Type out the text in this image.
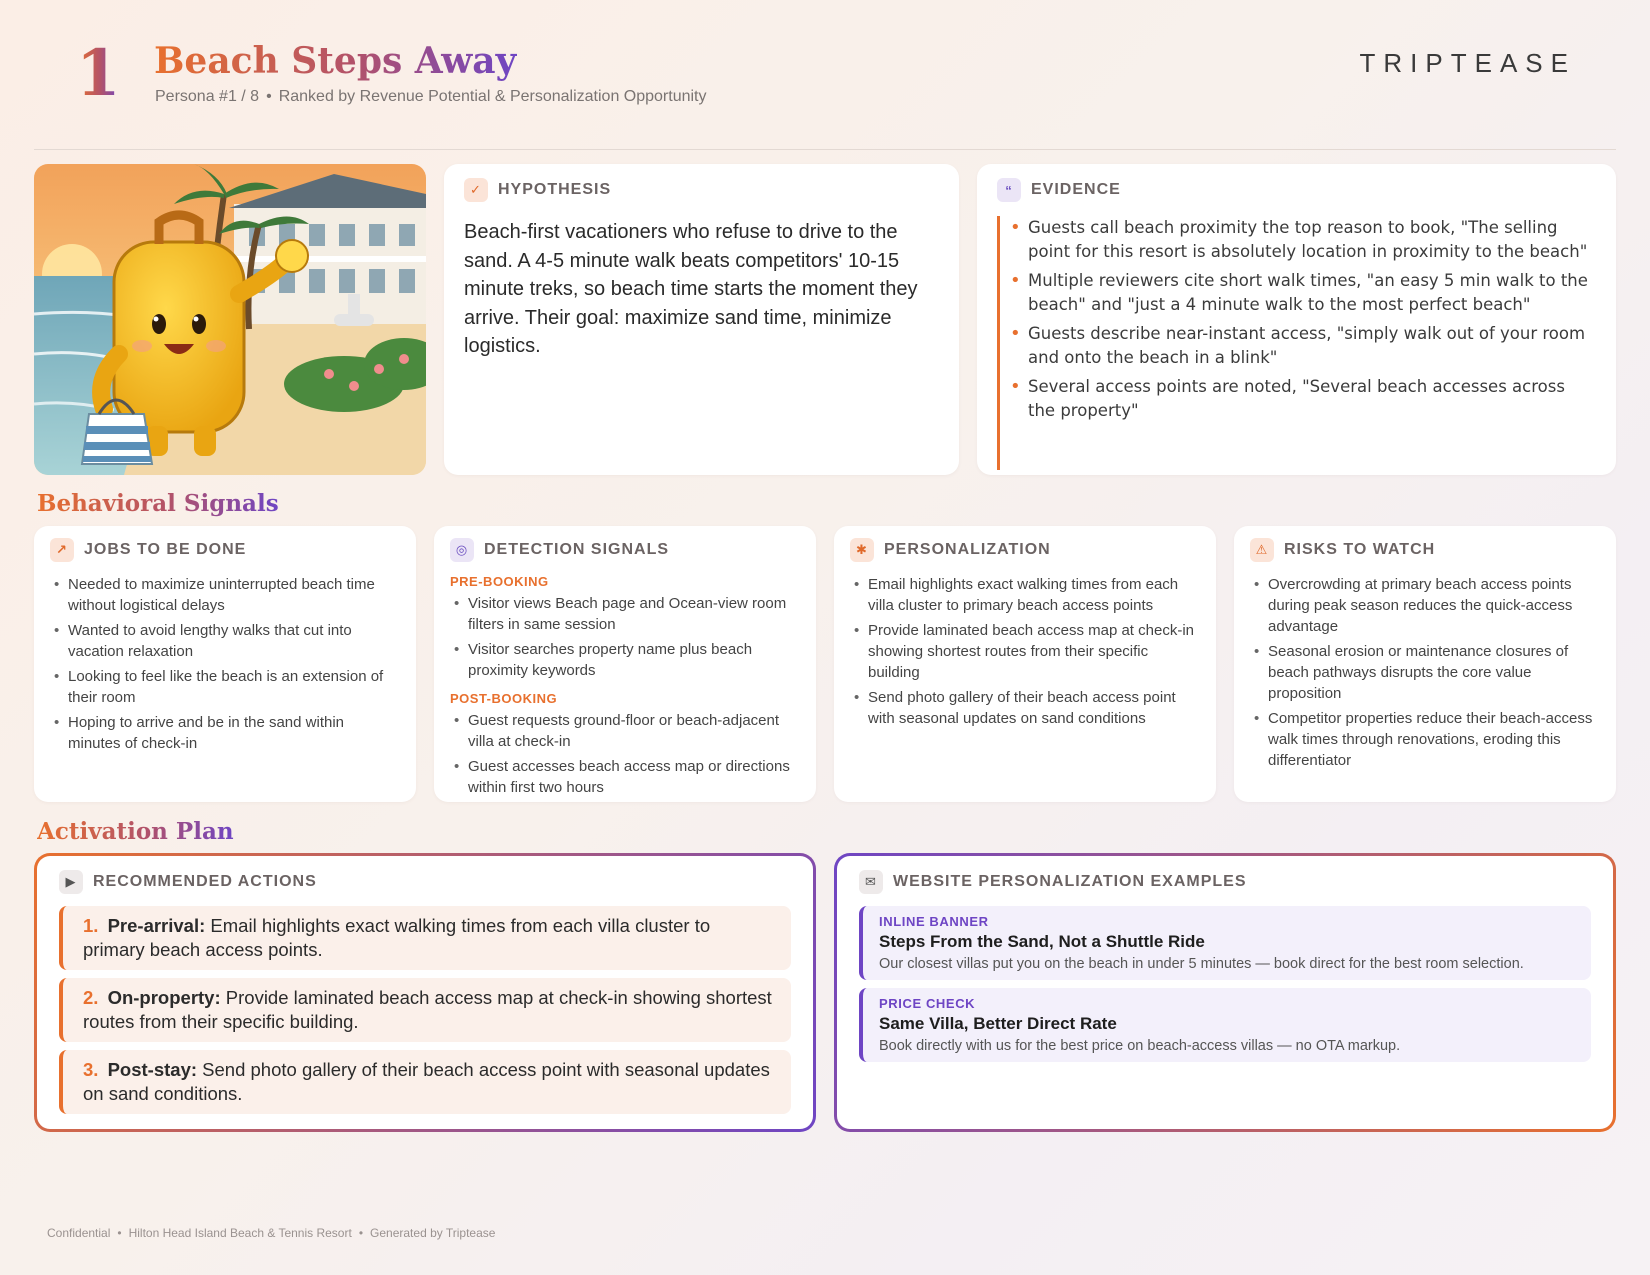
1 Beach Steps Away
Persona #1 / 8 • Ranked by Revenue Potential & Personalization Opportunity
TRIPTEASE
✓	HYPOTHESIS

Beach-first vacationers who refuse to drive to the sand. A 4-5 minute walk beats competitors' 10-15 minute treks, so beach time starts the moment they arrive. Their goal: maximize sand time, minimize logistics.

“	EVIDENCE
• Guests call beach proximity the top reason to book, "The selling point for this resort is absolutely location in proximity to the beach"
• Multiple reviewers cite short walk times, "an easy 5 min walk to the beach" and "just a 4 minute walk to the most perfect beach"
• Guests describe near-instant access, "simply walk out of your room and onto the beach in a blink"
• Several access points are noted, "Several beach accesses across the property"
Behavioral Signals
↗	JOBS TO BE DONE
• Needed to maximize uninterrupted beach time without logistical delays
• Wanted to avoid lengthy walks that cut into vacation relaxation
• Looking to feel like the beach is an extension of their room
• Hoping to arrive and be in the sand within minutes of check-in
◎ DETECTION SIGNALS
PRE-BOOKING
• Visitor views Beach page and Ocean-view room filters in same session
• Visitor searches property name plus beach proximity keywords
POST-BOOKING
• Guest requests ground-floor or beach-adjacent villa at check-in
• Guest accesses beach access map or directions within first two hours
✱	PERSONALIZATION
• Email highlights exact walking times from each villa cluster to primary beach access points
• Provide laminated beach access map at check-in showing shortest routes from their specific building
• Send photo gallery of their beach access point with seasonal updates on sand conditions
⚠ RISKS TO WATCH
• Overcrowding at primary beach access points during peak season reduces the quick-access advantage
• Seasonal erosion or maintenance closures of beach pathways disrupts the core value proposition
• Competitor properties reduce their beach-access walk times through renovations, eroding this differentiator
Activation Plan
▶	RECOMMENDED ACTIONS
1. Pre-arrival: Email highlights exact walking times from each villa cluster to primary beach access points.
2. On-property: Provide laminated beach access map at check-in showing shortest routes from their specific building.
3. Post-stay: Send photo gallery of their beach access point with seasonal updates on sand conditions.
✉	WEBSITE PERSONALIZATION EXAMPLES
INLINE BANNER
Steps From the Sand, Not a Shuttle Ride
Our closest villas put you on the beach in under 5 minutes — book direct for the best room selection.
PRICE CHECK
Same Villa, Better Direct Rate
Book directly with us for the best price on beach-access villas — no OTA markup.
Confidential • Hilton Head Island Beach & Tennis Resort • Generated by Triptease
